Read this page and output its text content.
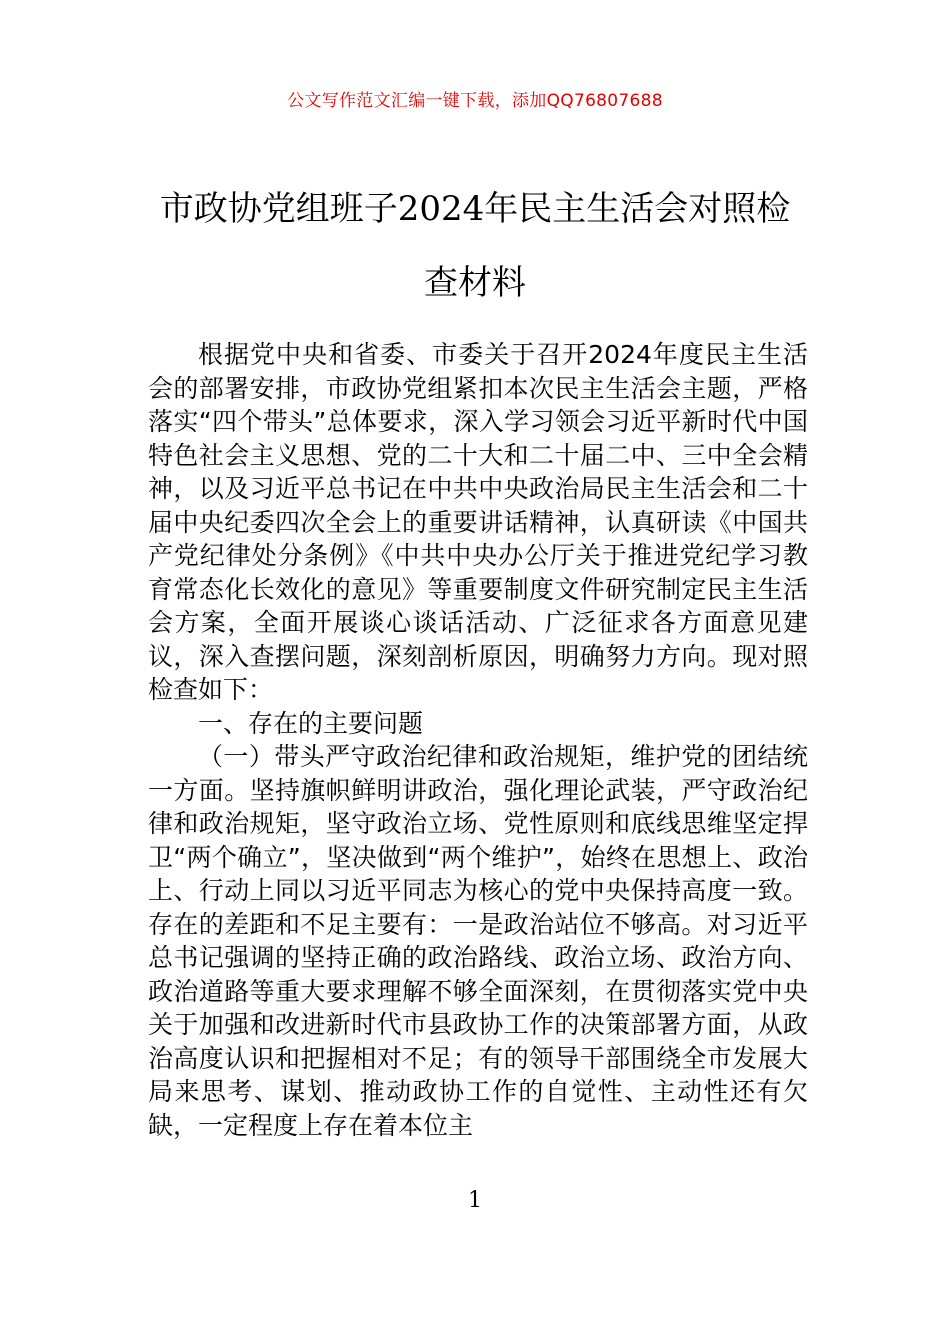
公文写作范文汇编一键下载，添加QQ76807688
市政协党组班子2024年民主生活会对照检
查材料

根据党中央和省委、市委关于召开2024年度民主生活会的部署安排，市政协党组紧扣本次民主生活会主题，严格落实“四个带头”总体要求，深入学习领会习近平新时代中国特色社会主义思想、党的二十大和二十届二中、三中全会精神，以及习近平总书记在中共中央政治局民主生活会和二十届中央纪委四次全会上的重要讲话精神，认真研读《中国共产党纪律处分条例》《中共中央办公厅关于推进党纪学习教育常态化长效化的意见》等重要制度文件研究制定民主生活会方案，全面开展谈心谈话活动、广泛征求各方面意见建议，深入查摆问题，深刻剖析原因，明确努力方向。现对照检查如下：

一、存在的主要问题

（一）带头严守政治纪律和政治规矩，维护党的团结统一方面。坚持旗帜鲜明讲政治，强化理论武装，严守政治纪律和政治规矩，坚守政治立场、党性原则和底线思维坚定捍卫“两个确立”，坚决做到“两个维护”，始终在思想上、政治上、行动上同以习近平同志为核心的党中央保持高度一致。存在的差距和不足主要有：一是政治站位不够高。对习近平总书记强调的坚持正确的政治路线、政治立场、政治方向、政治道路等重大要求理解不够全面深刻，在贯彻落实党中央关于加强和改进新时代市县政协工作的决策部署方面，从政治高度认识和把握相对不足；有的领导干部围绕全市发展大局来思考、谋划、推动政协工作的自觉性、主动性还有欠缺，一定程度上存在着本位主

1
